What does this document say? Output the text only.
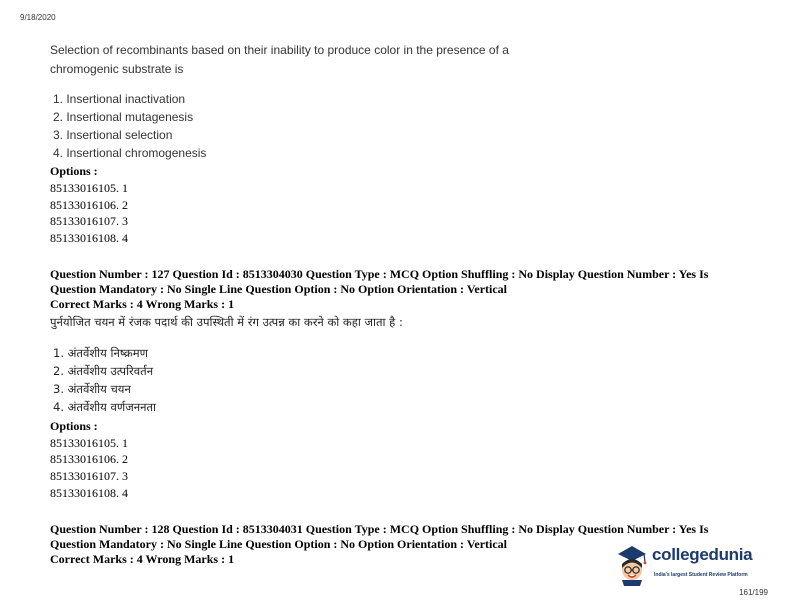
9/18/2020
Selection of recombinants based on their inability to produce color in the presence of a
chromogenic substrate is
1. Insertional inactivation
2. Insertional mutagenesis
3. Insertional selection
4. Insertional chromogenesis
Options :
85133016105. 1
85133016106. 2
85133016107. 3
85133016108. 4
Question Number : 127 Question Id : 8513304030 Question Type : MCQ Option Shuffling : No Display Question Number : Yes Is
Question Mandatory : No Single Line Question Option : No Option Orientation : Vertical
Correct Marks : 4 Wrong Marks : 1
पुर्नयोजित चयन में रंजक पदार्थ की उपस्थिती में रंग उत्पन्न का करने को कहा जाता है :
1. अंतर्वेशीय निष्क्रमण
2. अंतर्वेशीय उत्परिवर्तन
3. अंतर्वेशीय चयन
4. अंतर्वेशीय वर्णजननता
Options :
85133016105. 1
85133016106. 2
85133016107. 3
85133016108. 4
Question Number : 128 Question Id : 8513304031 Question Type : MCQ Option Shuffling : No Display Question Number : Yes Is
Question Mandatory : No Single Line Question Option : No Option Orientation : Vertical
Correct Marks : 4 Wrong Marks : 1	collegedunia
India's largest Student Review Platform
161/199
